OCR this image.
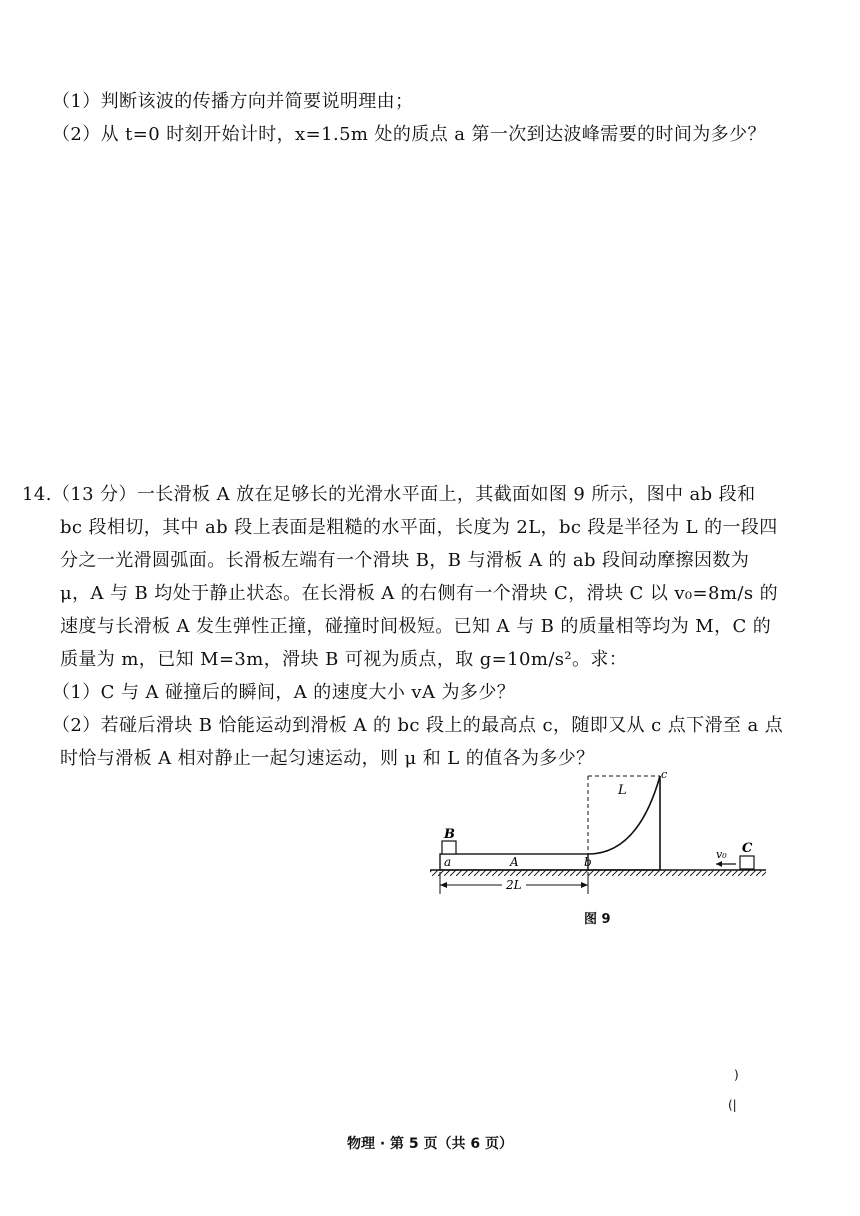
（1）判断该波的传播方向并简要说明理由；
（2）从 t=0 时刻开始计时，x=1.5m 处的质点 a 第一次到达波峰需要的时间为多少？
14.（13 分）一长滑板 A 放在足够长的光滑水平面上，其截面如图 9 所示，图中 ab 段和
bc 段相切，其中 ab 段上表面是粗糙的水平面，长度为 2L，bc 段是半径为 L 的一段四
分之一光滑圆弧面。长滑板左端有一个滑块 B，B 与滑板 A 的 ab 段间动摩擦因数为
μ，A 与 B 均处于静止状态。在长滑板 A 的右侧有一个滑块 C，滑块 C 以 v₀=8m/s 的
速度与长滑板 A 发生弹性正撞，碰撞时间极短。已知 A 与 B 的质量相等均为 M，C 的
质量为 m，已知 M=3m，滑块 B 可视为质点，取 g=10m/s²。求：
（1）C 与 A 碰撞后的瞬间，A 的速度大小 vA 为多少？
（2）若碰后滑块 B 恰能运动到滑板 A 的 bc 段上的最高点 c，随即又从 c 点下滑至 a 点
时恰与滑板 A 相对静止一起匀速运动，则 μ 和 L 的值各为多少？
B
a	A	b
c
L
2L
C
v₀
图 9
)
(|
物理 · 第 5 页（共 6 页）
